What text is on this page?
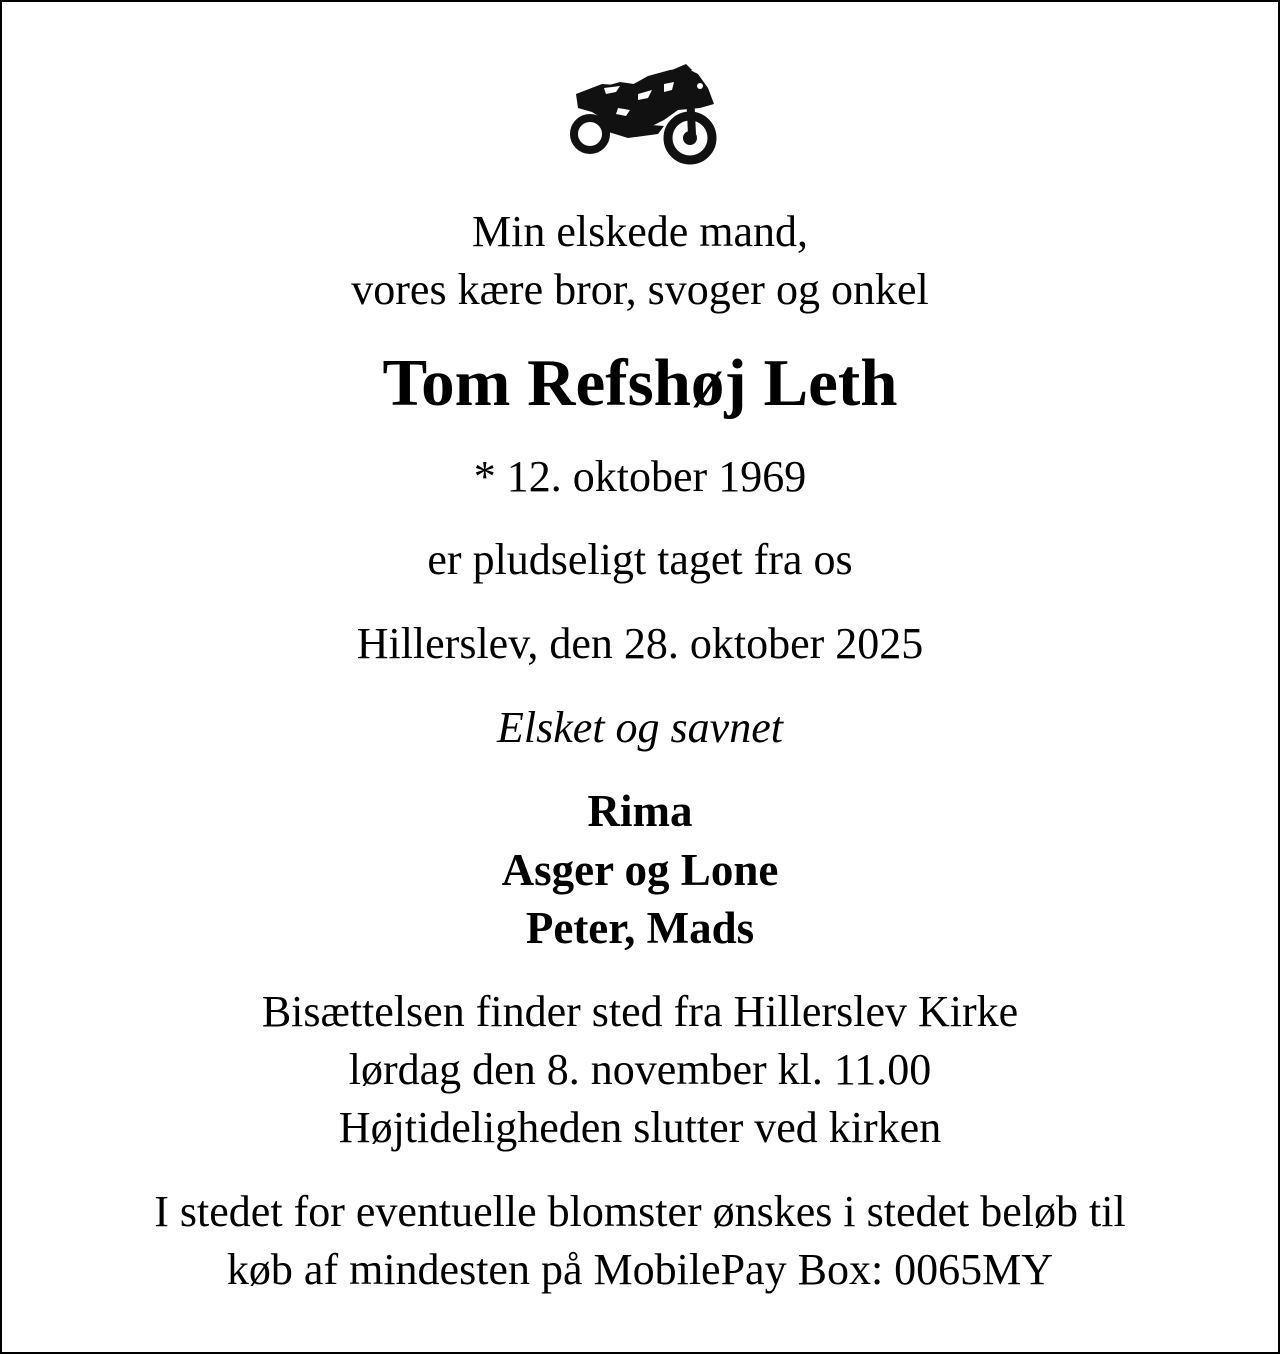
Min elskede mand,
vores kære bror, svoger og onkel
Tom Refshøj Leth
* 12. oktober 1969
er pludseligt taget fra os
Hillerslev, den 28. oktober 2025
Elsket og savnet
Rima
Asger og Lone
Peter, Mads
Bisættelsen finder sted fra Hillerslev Kirke
lørdag den 8. november kl. 11.00
Højtideligheden slutter ved kirken
I stedet for eventuelle blomster ønskes i stedet beløb til
køb af mindesten på MobilePay Box: 0065MY
